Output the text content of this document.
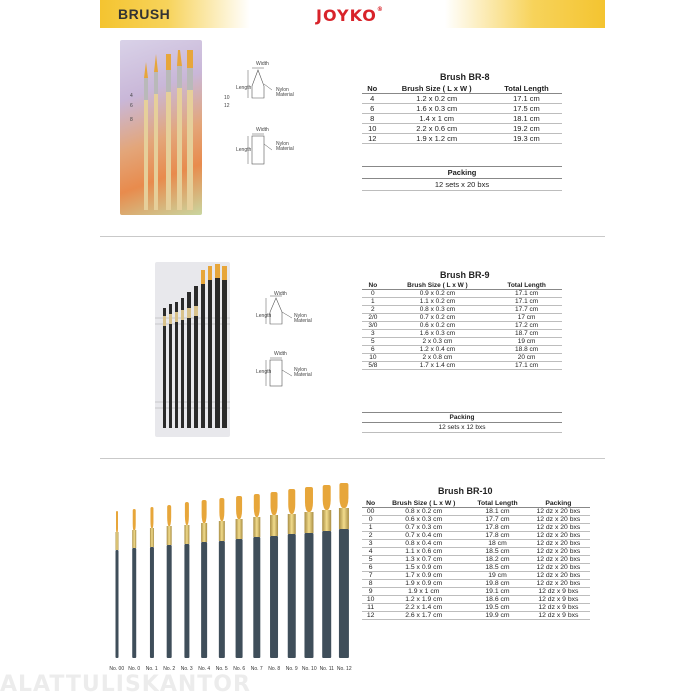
BRUSH	JOYKO®
4
6
8
10
12
Width
Length	Nylon Material
Width
Length
Nylon Material
Brush BR-8
No	Brush Size ( L x W )	Total Length
4	1.2 x 0.2 cm	17.1 cm
6	1.6 x 0.3 cm	17.5 cm
8	1.4 x 1 cm	18.1 cm
10	2.2 x 0.6 cm	19.2 cm
12	1.9 x 1.2 cm	19.3 cm
Packing
12 sets x 20 bxs
Width
Length	Nylon Material
Width
Length	Nylon Material
Brush BR-9
No	Brush Size ( L x W )	Total Length
0	0.9 x 0.2 cm	17.1 cm
1	1.1 x 0.2 cm	17.1 cm
2	0.8 x 0.3 cm	17.7 cm
2/0	0.7 x 0.2 cm	17 cm
3/0	0.6 x 0.2 cm	17.2 cm
3	1.6 x 0.3 cm	18.7 cm
5	2 x 0.3 cm	19 cm
6	1.2 x 0.4 cm	18.8 cm
10	2 x 0.8 cm	20 cm
5/8	1.7 x 1.4 cm	17.1 cm
Packing
12 sets x 12 bxs
No. 00 No. 0	No. 1	No. 2	No. 3	No. 4	No. 5	No. 6	No. 7	No. 8	No. 9 No. 10 No. 11 No. 12
Brush BR-10
No	Brush Size ( L x W )	Total Length	Packing
00	0.8 x 0.2 cm	18.1 cm	12 dz x 20 bxs
0	0.6 x 0.3 cm	17.7 cm	12 dz x 20 bxs
1	0.7 x 0.3 cm	17.8 cm	12 dz x 20 bxs
2	0.7 x 0.4 cm	17.8 cm	12 dz x 20 bxs
3	0.8 x 0.4 cm	18 cm	12 dz x 20 bxs
4	1.1 x 0.6 cm	18.5 cm	12 dz x 20 bxs
5	1.3 x 0.7 cm	18.2 cm	12 dz x 20 bxs
6	1.5 x 0.9 cm	18.5 cm	12 dz x 20 bxs
7	1.7 x 0.9 cm	19 cm	12 dz x 20 bxs
8	1.9 x 0.9 cm	19.8 cm	12 dz x 20 bxs
9	1.9 x 1 cm	19.1 cm	12 dz x 9 bxs
10	1.2 x 1.9 cm	18.6 cm	12 dz x 9 bxs
11	2.2 x 1.4 cm	19.5 cm	12 dz x 9 bxs
12	2.6 x 1.7 cm	19.9 cm	12 dz x 9 bxs
ALATTULISKANTOR
